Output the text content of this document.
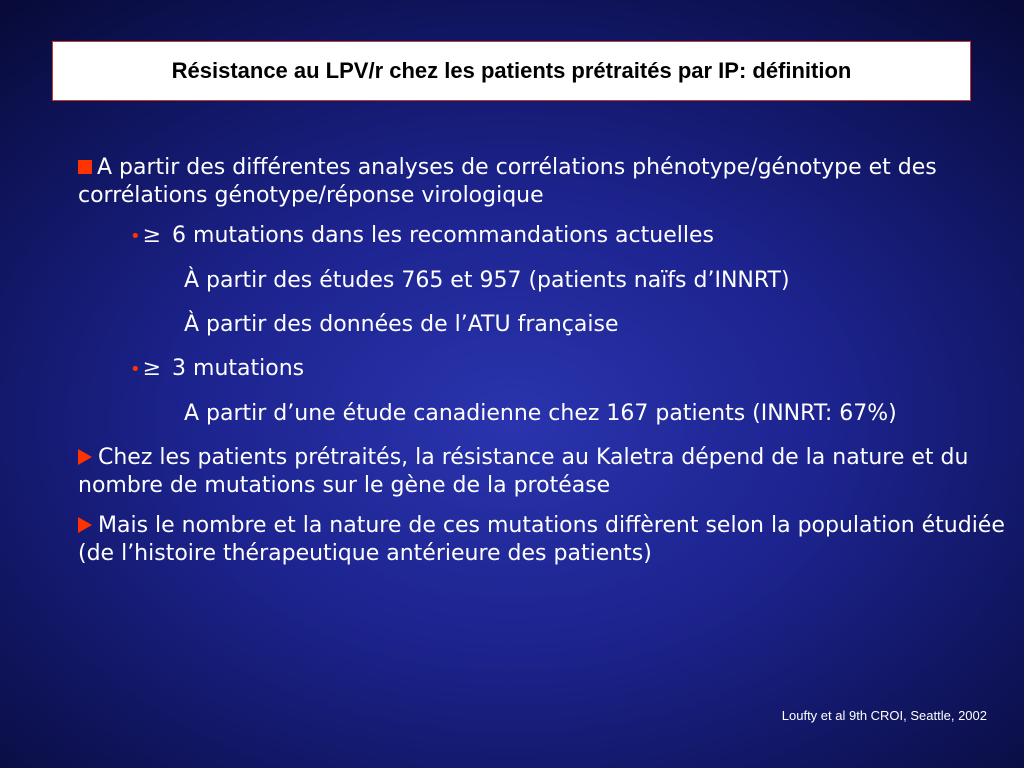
Résistance au LPV/r chez les patients prétraités par IP: définition
A partir des différentes analyses de corrélations phénotype/génotype et des corrélations génotype/réponse virologique
•≥ 6 mutations dans les recommandations actuelles
À partir des études 765 et 957 (patients naïfs d’INNRT)
À partir des données de l’ATU française
•≥ 3 mutations
A partir d’une étude canadienne chez 167 patients (INNRT: 67%)
Chez les patients prétraités, la résistance au Kaletra dépend de la nature et du nombre de mutations sur le gène de la protéase
Mais le nombre et la nature de ces mutations diffèrent selon la population étudiée (de l’histoire thérapeutique antérieure des patients)
Loufty et al 9th CROI, Seattle, 2002
